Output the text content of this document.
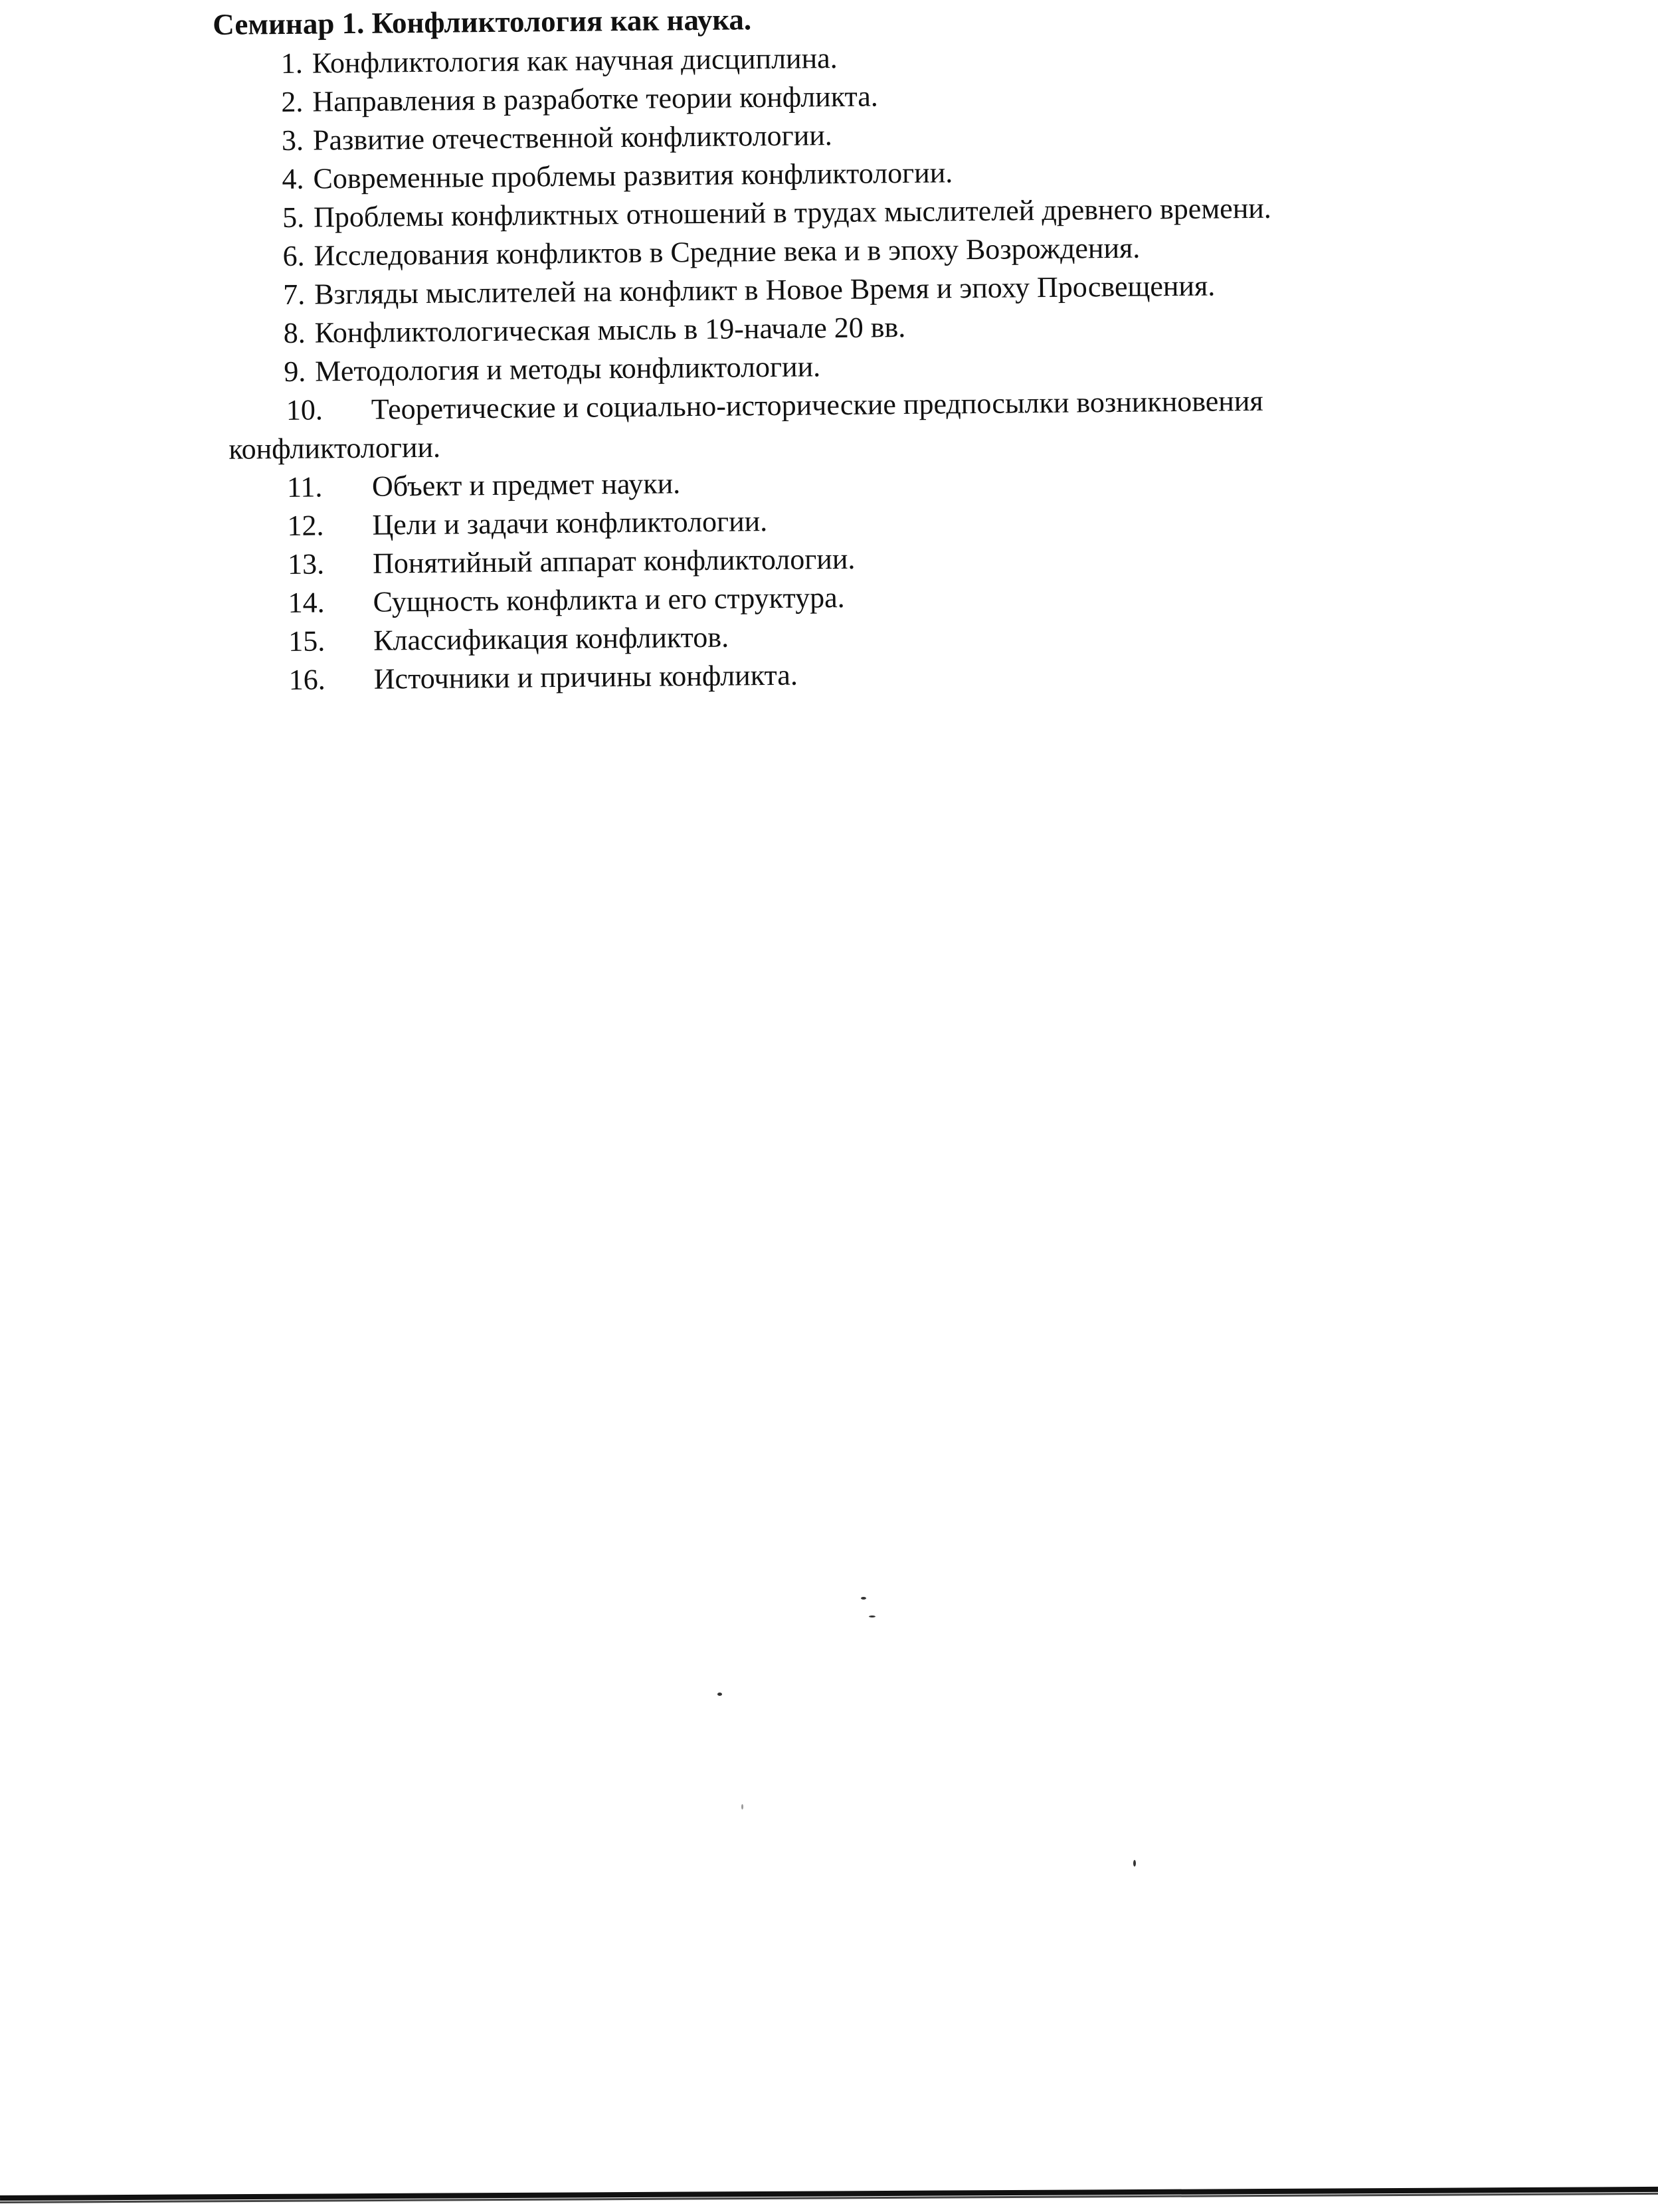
Семинар 1. Конфликтология как наука.
1. Конфликтология как научная дисциплина.
2. Направления в разработке теории конфликта.
3. Развитие отечественной конфликтологии.
4. Современные проблемы развития конфликтологии.
5. Проблемы конфликтных отношений в трудах мыслителей древнего времени.
6. Исследования конфликтов в Средние века и в эпоху Возрождения.
7. Взгляды мыслителей на конфликт в Новое Время и эпоху Просвещения.
8. Конфликтологическая мысль в 19-начале 20 вв.
9. Методология и методы конфликтологии.
10. Теоретические и социально-исторические предпосылки возникновения
конфликтологии.
11. Объект и предмет науки.
12. Цели и задачи конфликтологии.
13. Понятийный аппарат конфликтологии.
14. Сущность конфликта и его структура.
15. Классификация конфликтов.
16. Источники и причины конфликта.
